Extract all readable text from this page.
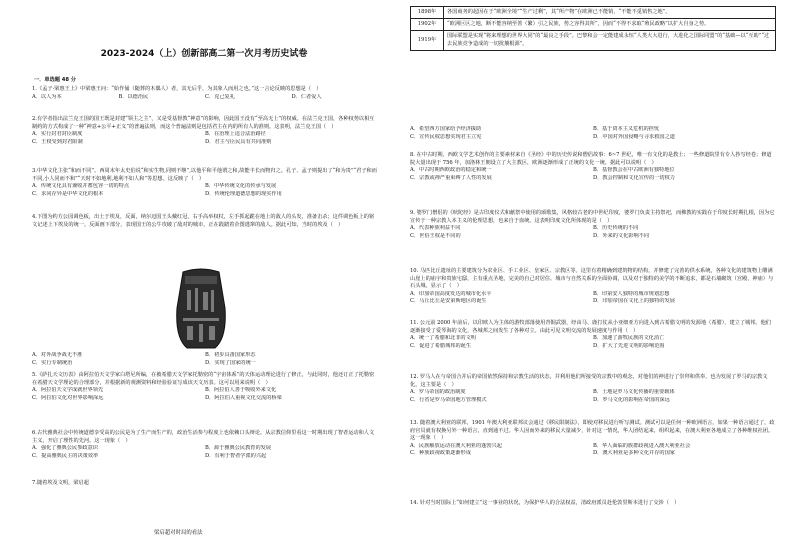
2023-2024（上）创新部高二第一次月考历史试卷
一．单选题 48 分
1.《孟子·梁惠王上》中梁惠王问：“始作俑（随葬的木偶人）者，其无后乎，为其象人而用之也。”这一言论反映的思想是（　）
A．以人为本	B．以德治民	C．克己复礼	D．仁者爱人
2.有学者指出法兰克王国的国王既是封建“领主之主”，又是受基督教“神意”的影响，因此国王没有“至高无上”的权威。在法兰克王国，各种权势以相互制约的方式构成了一种“神意+公平+正义”的普遍法则，而这个普遍法则是包括君主在内的所有人的准则。这表明，法兰克王国（　）
A．实行封君封臣制度	B．在治理上适合法治路径
C．王权受到封君限制	D．君主与臣民具有共同准则
3.中华文化主张“和而不同”。西周末年太史伯说“和实生物,同则不继”,以他平和平他谓之和,故能丰长而物归之。孔子、孟子则提出了“和为贵”“君子和而不同,小人同而不和”“天时不如地利,地利不如人和”等思想。这反映了（　）
A．传统文化具有兼收并蓄包容一切的特点	B．中华传统文化的传承与发展
C．求同存异是中华文化的根本	D．传统伦理道德思想的现实作用
4.下图为约方公园调色板，出土于埃及，反面，纳尔迈国王头戴红冠，右手高举权杖，左手抓起跪在地上的敌人的头发，准备击杀；这件调色板上的铭文记述上下埃及的统一。反面画下部分，表现国王的公牛攻破了敌对的城市，正在践踏着企图逃窜的敌人。据此可知，当时的埃及（　）
A．对外战争战无不胜	B．初步具备国家形态
C．实行专制统治	D．实现了国家的统一
5.《萨扎天文历表》由阿拉伯天文学家白塔尼所编，在被希腊天文学家托勒密的“宇宙体系”的天体运动理论进行了修正，与此同时，他还订正了托勒密在希腊天文学理论的合理部分，并根据新的观测资料和经验验证写成该天文历表。这可以用来说明（　）
A．阿拉伯天文学成就世界领先	B．阿拉伯人善于吸收外来文化
C．阿拉伯文化对世界影响深远	D．阿拉伯人重视文化交流的桥梁
6.古代雅典社会中传统道德享受高的公民是为了生产而生产的，政治生活参与程度上也依赖口头辩论。从宗教信仰里看这一时期出现了智者运动和人文主义，开启了理性的先河。这一现象（　）
A．强化了雅典公民参政意识	B．源于雅典公民教育的发展
C．提高雅典民主的决策效率	D．有利于智者学派的兴起
7.随着埃及文明，梁启超
梁启超对时局的看法
1898年	各国商务的起因在于“欧洲全境”“生产过剩”，其“所产物”在欧洲已不能销，“不能不觅销售之地”。
1902年	“欧洲巨区之地，断不能容纳至善（繁）引之民族，势之容得其所”，因而“不得不求取“殖民政略”以扩大自身之势。
1919年	国际联盟是实现“将来理想的世界大同”的“最良之手段”。巴黎和会一定能建成永恒“人类大大进行，大进化之国际同盟”的“基础—以“互助”“过去民族竞争造成的一切扰攘根源”。
A．希望西方国家给予经济援助	B．基于资本主义危机的担忧
C．宣传民权思想实现君主立宪	D．中国对外国侵略与寻求救国之道
8. 在中古时期，西欧文学艺术创作的主要素材来自《圣经》中的历史传说和僧侣故事：6~7 世纪，唯一有文化的是教士；一些修道院里有专人抄写经卷；修道院大量出现于 756 年，加洛林王朝设立了大主教区，欧洲逐渐形成了正统的文化一统。据此可以说明（　）
A．中古时期西欧政治的稳定和统一	B．基督教会在中古欧洲有独特地位
C．宗教或禅严重束缚了人性的发展	D．教会控制和文化宣传的一切权力
9. 婆罗门僧侣的《吠陀经》是古印度仪式和献祭中使用的颂歌集，风格较古老的中世纪印度，婆罗门负责主持祭祀，而佛教的实践在于印度长时期扎根，因为它宣传于一种宗教人本主义的伦理思想，也来自于血统。这表明印度文化所体现的是（　）
A．代表种族利益不同	B．历史传统的不同
C．世俗王权是不同的	D．外来的文化影响不同
10. 马匹比丘遗址的主要建筑分为农业区、手工业区、皇家区、宗教区等。这里有着精确到建筑物的结构，并修建了完善的供水系统，各种文化的建筑物上雕满山崖上的庙宇和贵族宅邸，主有重点圣地，完美的自己对居住、城市与自然关系的全面协调，以及对于独特的美学的不断追求，都是石墙砌筑（宫殿、神庙）与石头城，显示了（　）
A．印加帝国高度发达的城市化水平	B．印第安人独特的城市规划思想
C．马丘比丘是安第斯地区的诞生	D．印加帝国在文化上的独特的发展
11. 公元前 2000 年前后，以印欧人为主体的游牧部落使用青铜武器，经由马、鹿打仗从小亚细亚方向进入到古希腊文明的发源地（希腊），建立了城邦。他们逐渐接受了爱琴海的文化，各城邦之间发生了各种对立。由此可见文明交流的发展速度与作用（　）
A．统一了希腊和北非的文明	B．加速了游牧民族的文化消亡
C．促进了希腊城邦的诞生	D．扩大了先进文明的影响范围
12. 罗马人在与帝国合并后的帝国依然保持和宗教生活的状态，并利用他们所接受的宗教中的观念，对他们的神进行了崇拜和供奉，也为发展了罗马的宗教文化。这主要是（　）
A．罗马帝国的政治制度	B．土地是罗马文化传播的重要载体
C．行省是罗马帝国地方管理模式	D．罗马文化的影响在帝国的深远
13. 随着澳大利亚的联邦，1901 年澳大利亚联邦议会通过《移民限制法》，即使对移民进行听写测试。测试可以是任何一种欧洲语言，如果一种语言通过了，政府官员就有权换另外一种语言，直到通不过。华人因而外来的移民大量减少，针对这一情况，华人团结起来，组织起来，在澳大利亚各地成立了各种维权社团。这一现象（　）
A．民族解放运动在澳大利亚的蓬勃兴起	B．华人面临的族群歧视进入澳大利亚社会
C．种族歧视政策逐渐形成	D．澳大利亚是多种文化并存的国家
14. 针对当时国际上“如何建立”这一事业的状况，为保护华人的合法权益，清政府派员赴伦敦里斯本进行了交涉（　）
